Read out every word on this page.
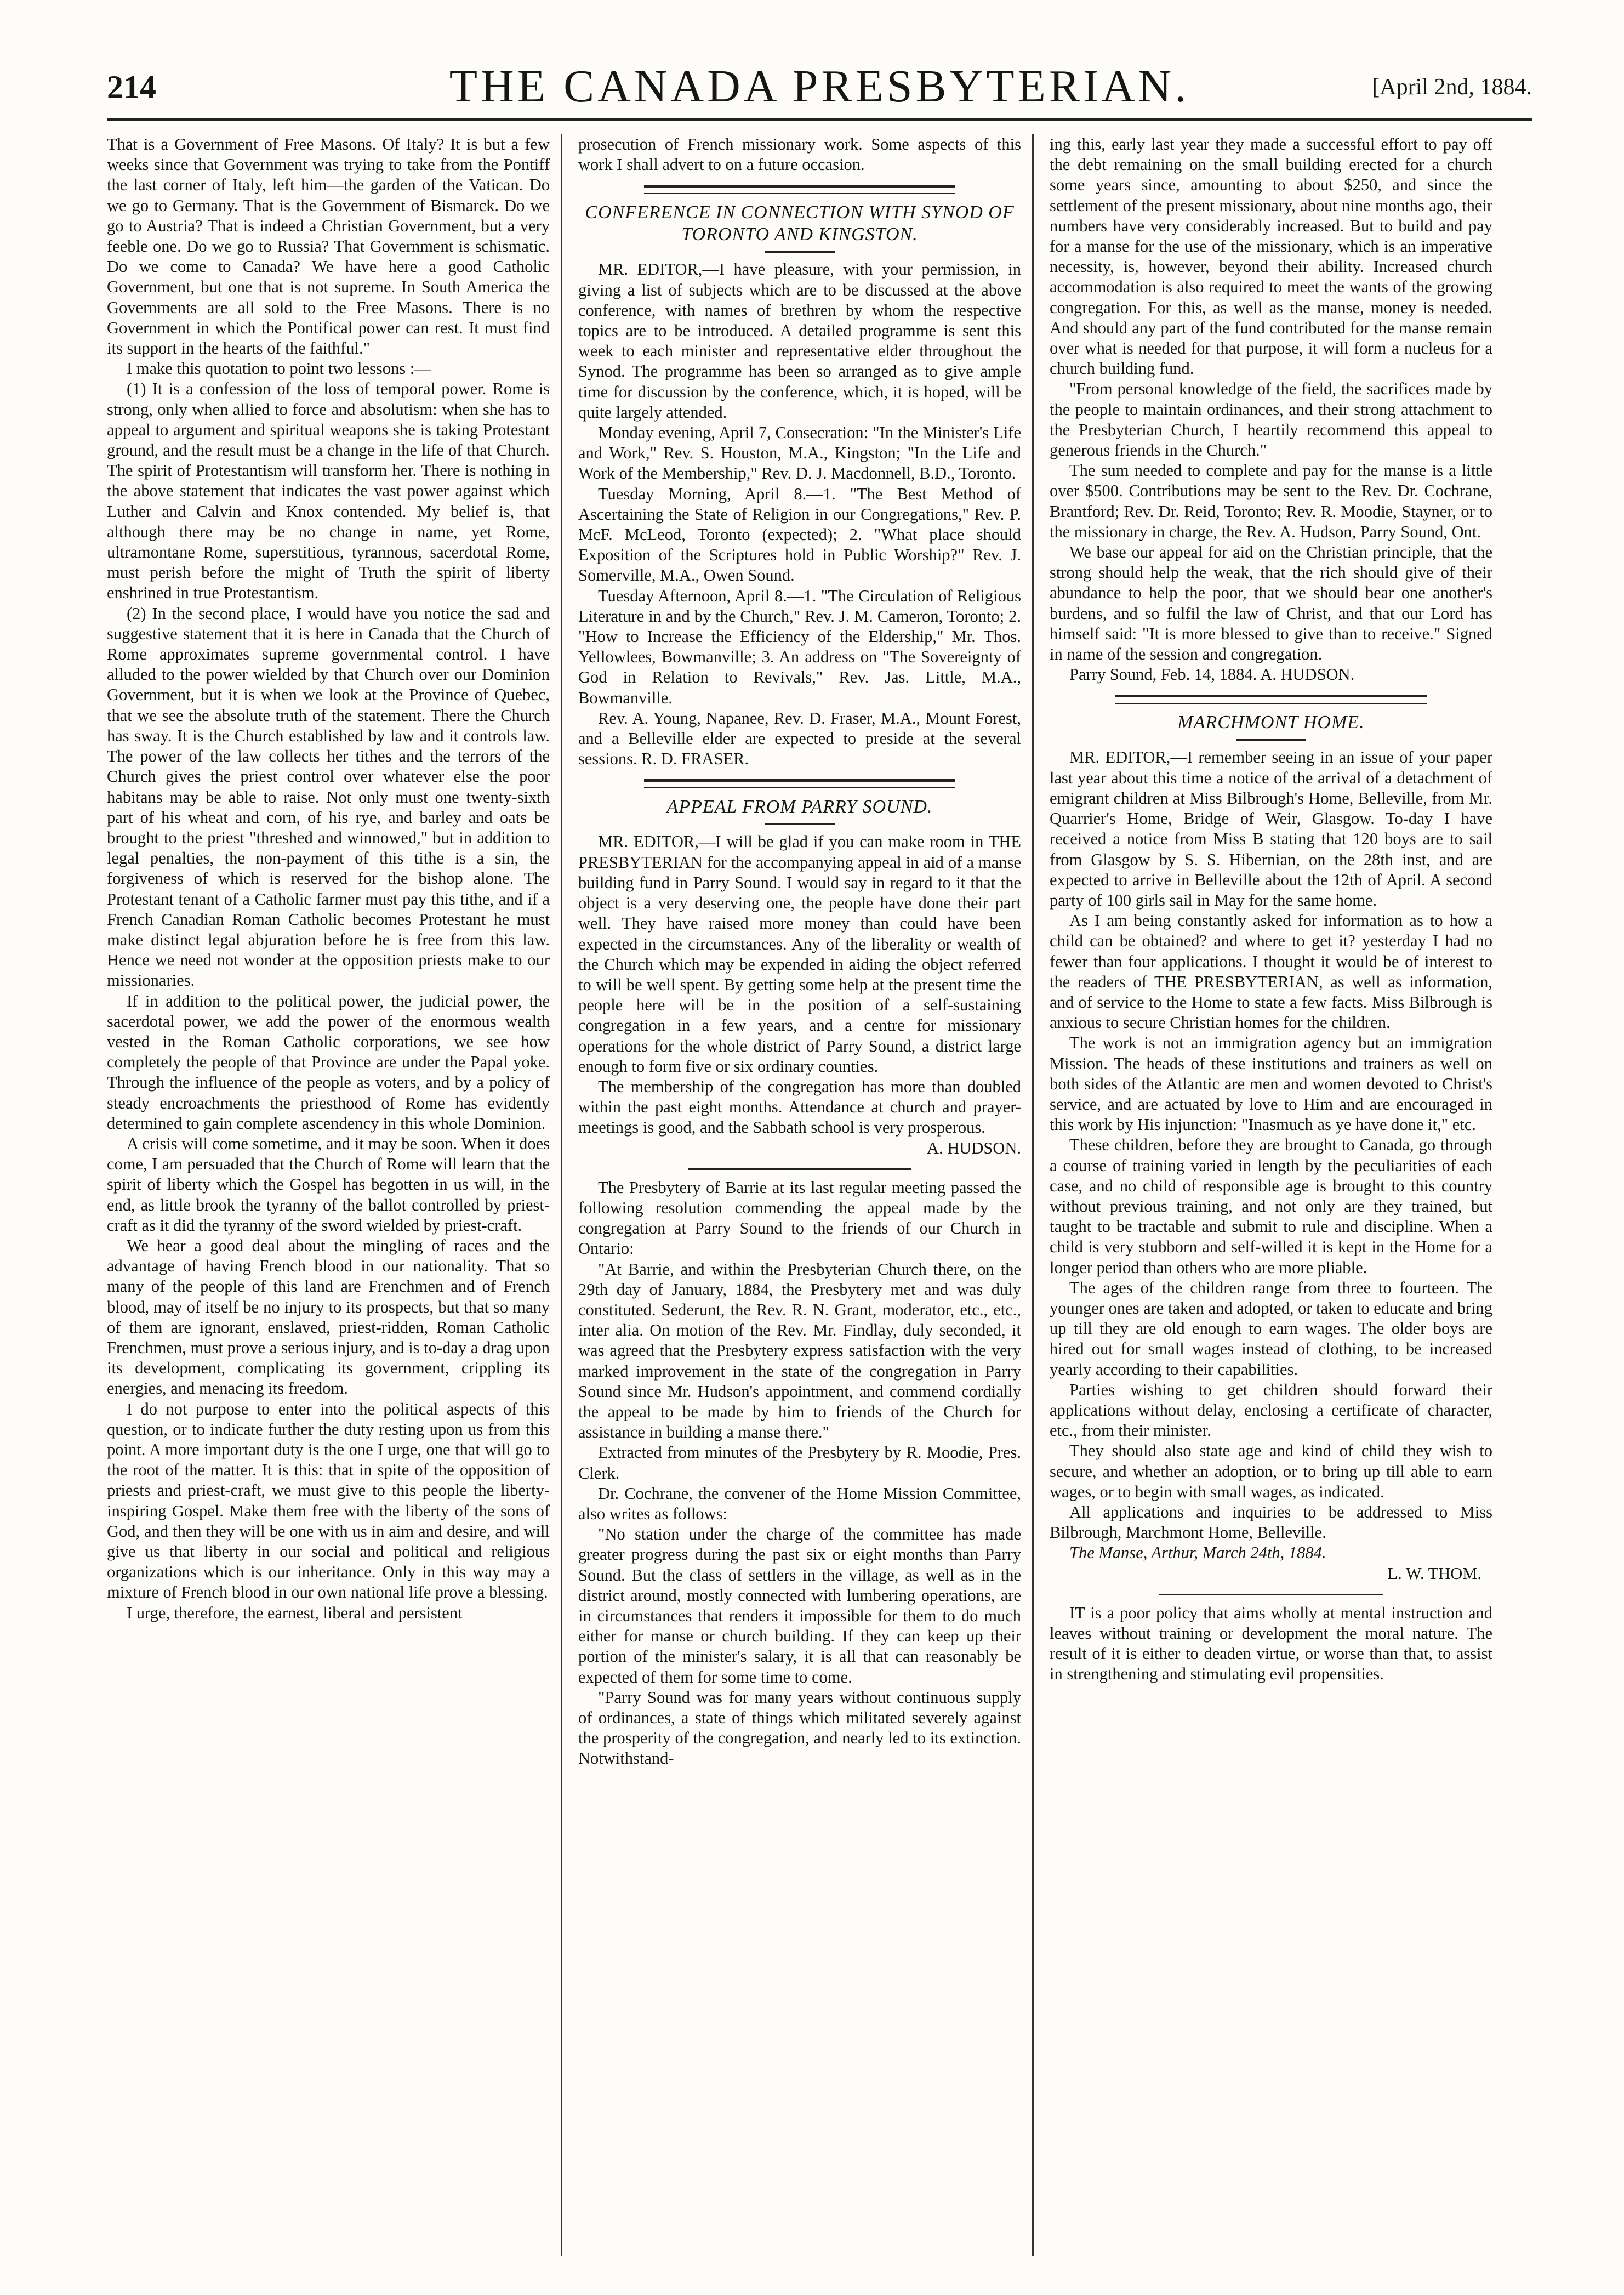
214	THE CANADA PRESBYTERIAN.	[April 2nd, 1884.

That is a Government of Free Masons. Of Italy? It is but a few weeks since that Government was trying to take from the Pontiff the last corner of Italy, left him—the garden of the Vatican. Do we go to Germany. That is the Government of Bismarck. Do we go to Austria? That is indeed a Christian Government, but a very feeble one. Do we go to Russia? That Government is schismatic. Do we come to Canada? We have here a good Catholic Government, but one that is not supreme. In South America the Governments are all sold to the Free Masons. There is no Government in which the Pontifical power can rest. It must find its support in the hearts of the faithful."

I make this quotation to point two lessons :—

(1) It is a confession of the loss of temporal power. Rome is strong, only when allied to force and absolutism: when she has to appeal to argument and spiritual weapons she is taking Protestant ground, and the result must be a change in the life of that Church. The spirit of Protestantism will transform her. There is nothing in the above statement that indicates the vast power against which Luther and Calvin and Knox contended. My belief is, that although there may be no change in name, yet Rome, ultramontane Rome, superstitious, tyrannous, sacerdotal Rome, must perish before the might of Truth the spirit of liberty enshrined in true Protestantism.

(2) In the second place, I would have you notice the sad and suggestive statement that it is here in Canada that the Church of Rome approximates supreme governmental control. I have alluded to the power wielded by that Church over our Dominion Government, but it is when we look at the Province of Quebec, that we see the absolute truth of the statement. There the Church has sway. It is the Church established by law and it controls law. The power of the law collects her tithes and the terrors of the Church gives the priest control over whatever else the poor habitans may be able to raise. Not only must one twenty-sixth part of his wheat and corn, of his rye, and barley and oats be brought to the priest "threshed and winnowed," but in addition to legal penalties, the non-payment of this tithe is a sin, the forgiveness of which is reserved for the bishop alone. The Protestant tenant of a Catholic farmer must pay this tithe, and if a French Canadian Roman Catholic becomes Protestant he must make distinct legal abjuration before he is free from this law. Hence we need not wonder at the opposition priests make to our missionaries.

If in addition to the political power, the judicial power, the sacerdotal power, we add the power of the enormous wealth vested in the Roman Catholic corporations, we see how completely the people of that Province are under the Papal yoke. Through the influence of the people as voters, and by a policy of steady encroachments the priesthood of Rome has evidently determined to gain complete ascendency in this whole Dominion.

A crisis will come sometime, and it may be soon. When it does come, I am persuaded that the Church of Rome will learn that the spirit of liberty which the Gospel has begotten in us will, in the end, as little brook the tyranny of the ballot controlled by priest-craft as it did the tyranny of the sword wielded by priest-craft.

We hear a good deal about the mingling of races and the advantage of having French blood in our nationality. That so many of the people of this land are Frenchmen and of French blood, may of itself be no injury to its prospects, but that so many of them are ignorant, enslaved, priest-ridden, Roman Catholic Frenchmen, must prove a serious injury, and is to-day a drag upon its development, complicating its government, crippling its energies, and menacing its freedom.

I do not purpose to enter into the political aspects of this question, or to indicate further the duty resting upon us from this point. A more important duty is the one I urge, one that will go to the root of the matter. It is this: that in spite of the opposition of priests and priest-craft, we must give to this people the liberty-inspiring Gospel. Make them free with the liberty of the sons of God, and then they will be one with us in aim and desire, and will give us that liberty in our social and political and religious organizations which is our inheritance. Only in this way may a mixture of French blood in our own national life prove a blessing.

I urge, therefore, the earnest, liberal and persistent

prosecution of French missionary work. Some aspects of this work I shall advert to on a future occasion.

CONFERENCE IN CONNECTION WITH SYNOD OF TORONTO AND KINGSTON.

MR. EDITOR,—I have pleasure, with your permission, in giving a list of subjects which are to be discussed at the above conference, with names of brethren by whom the respective topics are to be introduced. A detailed programme is sent this week to each minister and representative elder throughout the Synod. The programme has been so arranged as to give ample time for discussion by the conference, which, it is hoped, will be quite largely attended.

Monday evening, April 7, Consecration: "In the Minister's Life and Work," Rev. S. Houston, M.A., Kingston; "In the Life and Work of the Membership," Rev. D. J. Macdonnell, B.D., Toronto.

Tuesday Morning, April 8.—1. "The Best Method of Ascertaining the State of Religion in our Congregations," Rev. P. McF. McLeod, Toronto (expected); 2. "What place should Exposition of the Scriptures hold in Public Worship?" Rev. J. Somerville, M.A., Owen Sound.

Tuesday Afternoon, April 8.—1. "The Circulation of Religious Literature in and by the Church," Rev. J. M. Cameron, Toronto; 2. "How to Increase the Efficiency of the Eldership," Mr. Thos. Yellowlees, Bowmanville; 3. An address on "The Sovereignty of God in Relation to Revivals," Rev. Jas. Little, M.A., Bowmanville.

Rev. A. Young, Napanee, Rev. D. Fraser, M.A., Mount Forest, and a Belleville elder are expected to preside at the several sessions. R. D. FRASER.

APPEAL FROM PARRY SOUND.

MR. EDITOR,—I will be glad if you can make room in THE PRESBYTERIAN for the accompanying appeal in aid of a manse building fund in Parry Sound. I would say in regard to it that the object is a very deserving one, the people have done their part well. They have raised more money than could have been expected in the circumstances. Any of the liberality or wealth of the Church which may be expended in aiding the object referred to will be well spent. By getting some help at the present time the people here will be in the position of a self-sustaining congregation in a few years, and a centre for missionary operations for the whole district of Parry Sound, a district large enough to form five or six ordinary counties.

The membership of the congregation has more than doubled within the past eight months. Attendance at church and prayer-meetings is good, and the Sabbath school is very prosperous.

A. HUDSON.

The Presbytery of Barrie at its last regular meeting passed the following resolution commending the appeal made by the congregation at Parry Sound to the friends of our Church in Ontario:

"At Barrie, and within the Presbyterian Church there, on the 29th day of January, 1884, the Presbytery met and was duly constituted. Sederunt, the Rev. R. N. Grant, moderator, etc., etc., inter alia. On motion of the Rev. Mr. Findlay, duly seconded, it was agreed that the Presbytery express satisfaction with the very marked improvement in the state of the congregation in Parry Sound since Mr. Hudson's appointment, and commend cordially the appeal to be made by him to friends of the Church for assistance in building a manse there."

Extracted from minutes of the Presbytery by R. Moodie, Pres. Clerk.

Dr. Cochrane, the convener of the Home Mission Committee, also writes as follows:

"No station under the charge of the committee has made greater progress during the past six or eight months than Parry Sound. But the class of settlers in the village, as well as in the district around, mostly connected with lumbering operations, are in circumstances that renders it impossible for them to do much either for manse or church building. If they can keep up their portion of the minister's salary, it is all that can reasonably be expected of them for some time to come.

"Parry Sound was for many years without continuous supply of ordinances, a state of things which militated severely against the prosperity of the congregation, and nearly led to its extinction. Notwithstand-

ing this, early last year they made a successful effort to pay off the debt remaining on the small building erected for a church some years since, amounting to about $250, and since the settlement of the present missionary, about nine months ago, their numbers have very considerably increased. But to build and pay for a manse for the use of the missionary, which is an imperative necessity, is, however, beyond their ability. Increased church accommodation is also required to meet the wants of the growing congregation. For this, as well as the manse, money is needed. And should any part of the fund contributed for the manse remain over what is needed for that purpose, it will form a nucleus for a church building fund.

"From personal knowledge of the field, the sacrifices made by the people to maintain ordinances, and their strong attachment to the Presbyterian Church, I heartily recommend this appeal to generous friends in the Church."

The sum needed to complete and pay for the manse is a little over $500. Contributions may be sent to the Rev. Dr. Cochrane, Brantford; Rev. Dr. Reid, Toronto; Rev. R. Moodie, Stayner, or to the missionary in charge, the Rev. A. Hudson, Parry Sound, Ont.

We base our appeal for aid on the Christian principle, that the strong should help the weak, that the rich should give of their abundance to help the poor, that we should bear one another's burdens, and so fulfil the law of Christ, and that our Lord has himself said: "It is more blessed to give than to receive." Signed in name of the session and congregation.

Parry Sound, Feb. 14, 1884. A. HUDSON.

MARCHMONT HOME.

MR. EDITOR,—I remember seeing in an issue of your paper last year about this time a notice of the arrival of a detachment of emigrant children at Miss Bilbrough's Home, Belleville, from Mr. Quarrier's Home, Bridge of Weir, Glasgow. To-day I have received a notice from Miss B stating that 120 boys are to sail from Glasgow by S. S. Hibernian, on the 28th inst, and are expected to arrive in Belleville about the 12th of April. A second party of 100 girls sail in May for the same home.

As I am being constantly asked for information as to how a child can be obtained? and where to get it? yesterday I had no fewer than four applications. I thought it would be of interest to the readers of THE PRESBYTERIAN, as well as information, and of service to the Home to state a few facts. Miss Bilbrough is anxious to secure Christian homes for the children.

The work is not an immigration agency but an immigration Mission. The heads of these institutions and trainers as well on both sides of the Atlantic are men and women devoted to Christ's service, and are actuated by love to Him and are encouraged in this work by His injunction: "Inasmuch as ye have done it," etc.

These children, before they are brought to Canada, go through a course of training varied in length by the peculiarities of each case, and no child of responsible age is brought to this country without previous training, and not only are they trained, but taught to be tractable and submit to rule and discipline. When a child is very stubborn and self-willed it is kept in the Home for a longer period than others who are more pliable.

The ages of the children range from three to fourteen. The younger ones are taken and adopted, or taken to educate and bring up till they are old enough to earn wages. The older boys are hired out for small wages instead of clothing, to be increased yearly according to their capabilities.

Parties wishing to get children should forward their applications without delay, enclosing a certificate of character, etc., from their minister.

They should also state age and kind of child they wish to secure, and whether an adoption, or to bring up till able to earn wages, or to begin with small wages, as indicated.

All applications and inquiries to be addressed to Miss Bilbrough, Marchmont Home, Belleville.

The Manse, Arthur, March 24th, 1884.

L. W. THOM.

IT is a poor policy that aims wholly at mental instruction and leaves without training or development the moral nature. The result of it is either to deaden virtue, or worse than that, to assist in strengthening and stimulating evil propensities.
